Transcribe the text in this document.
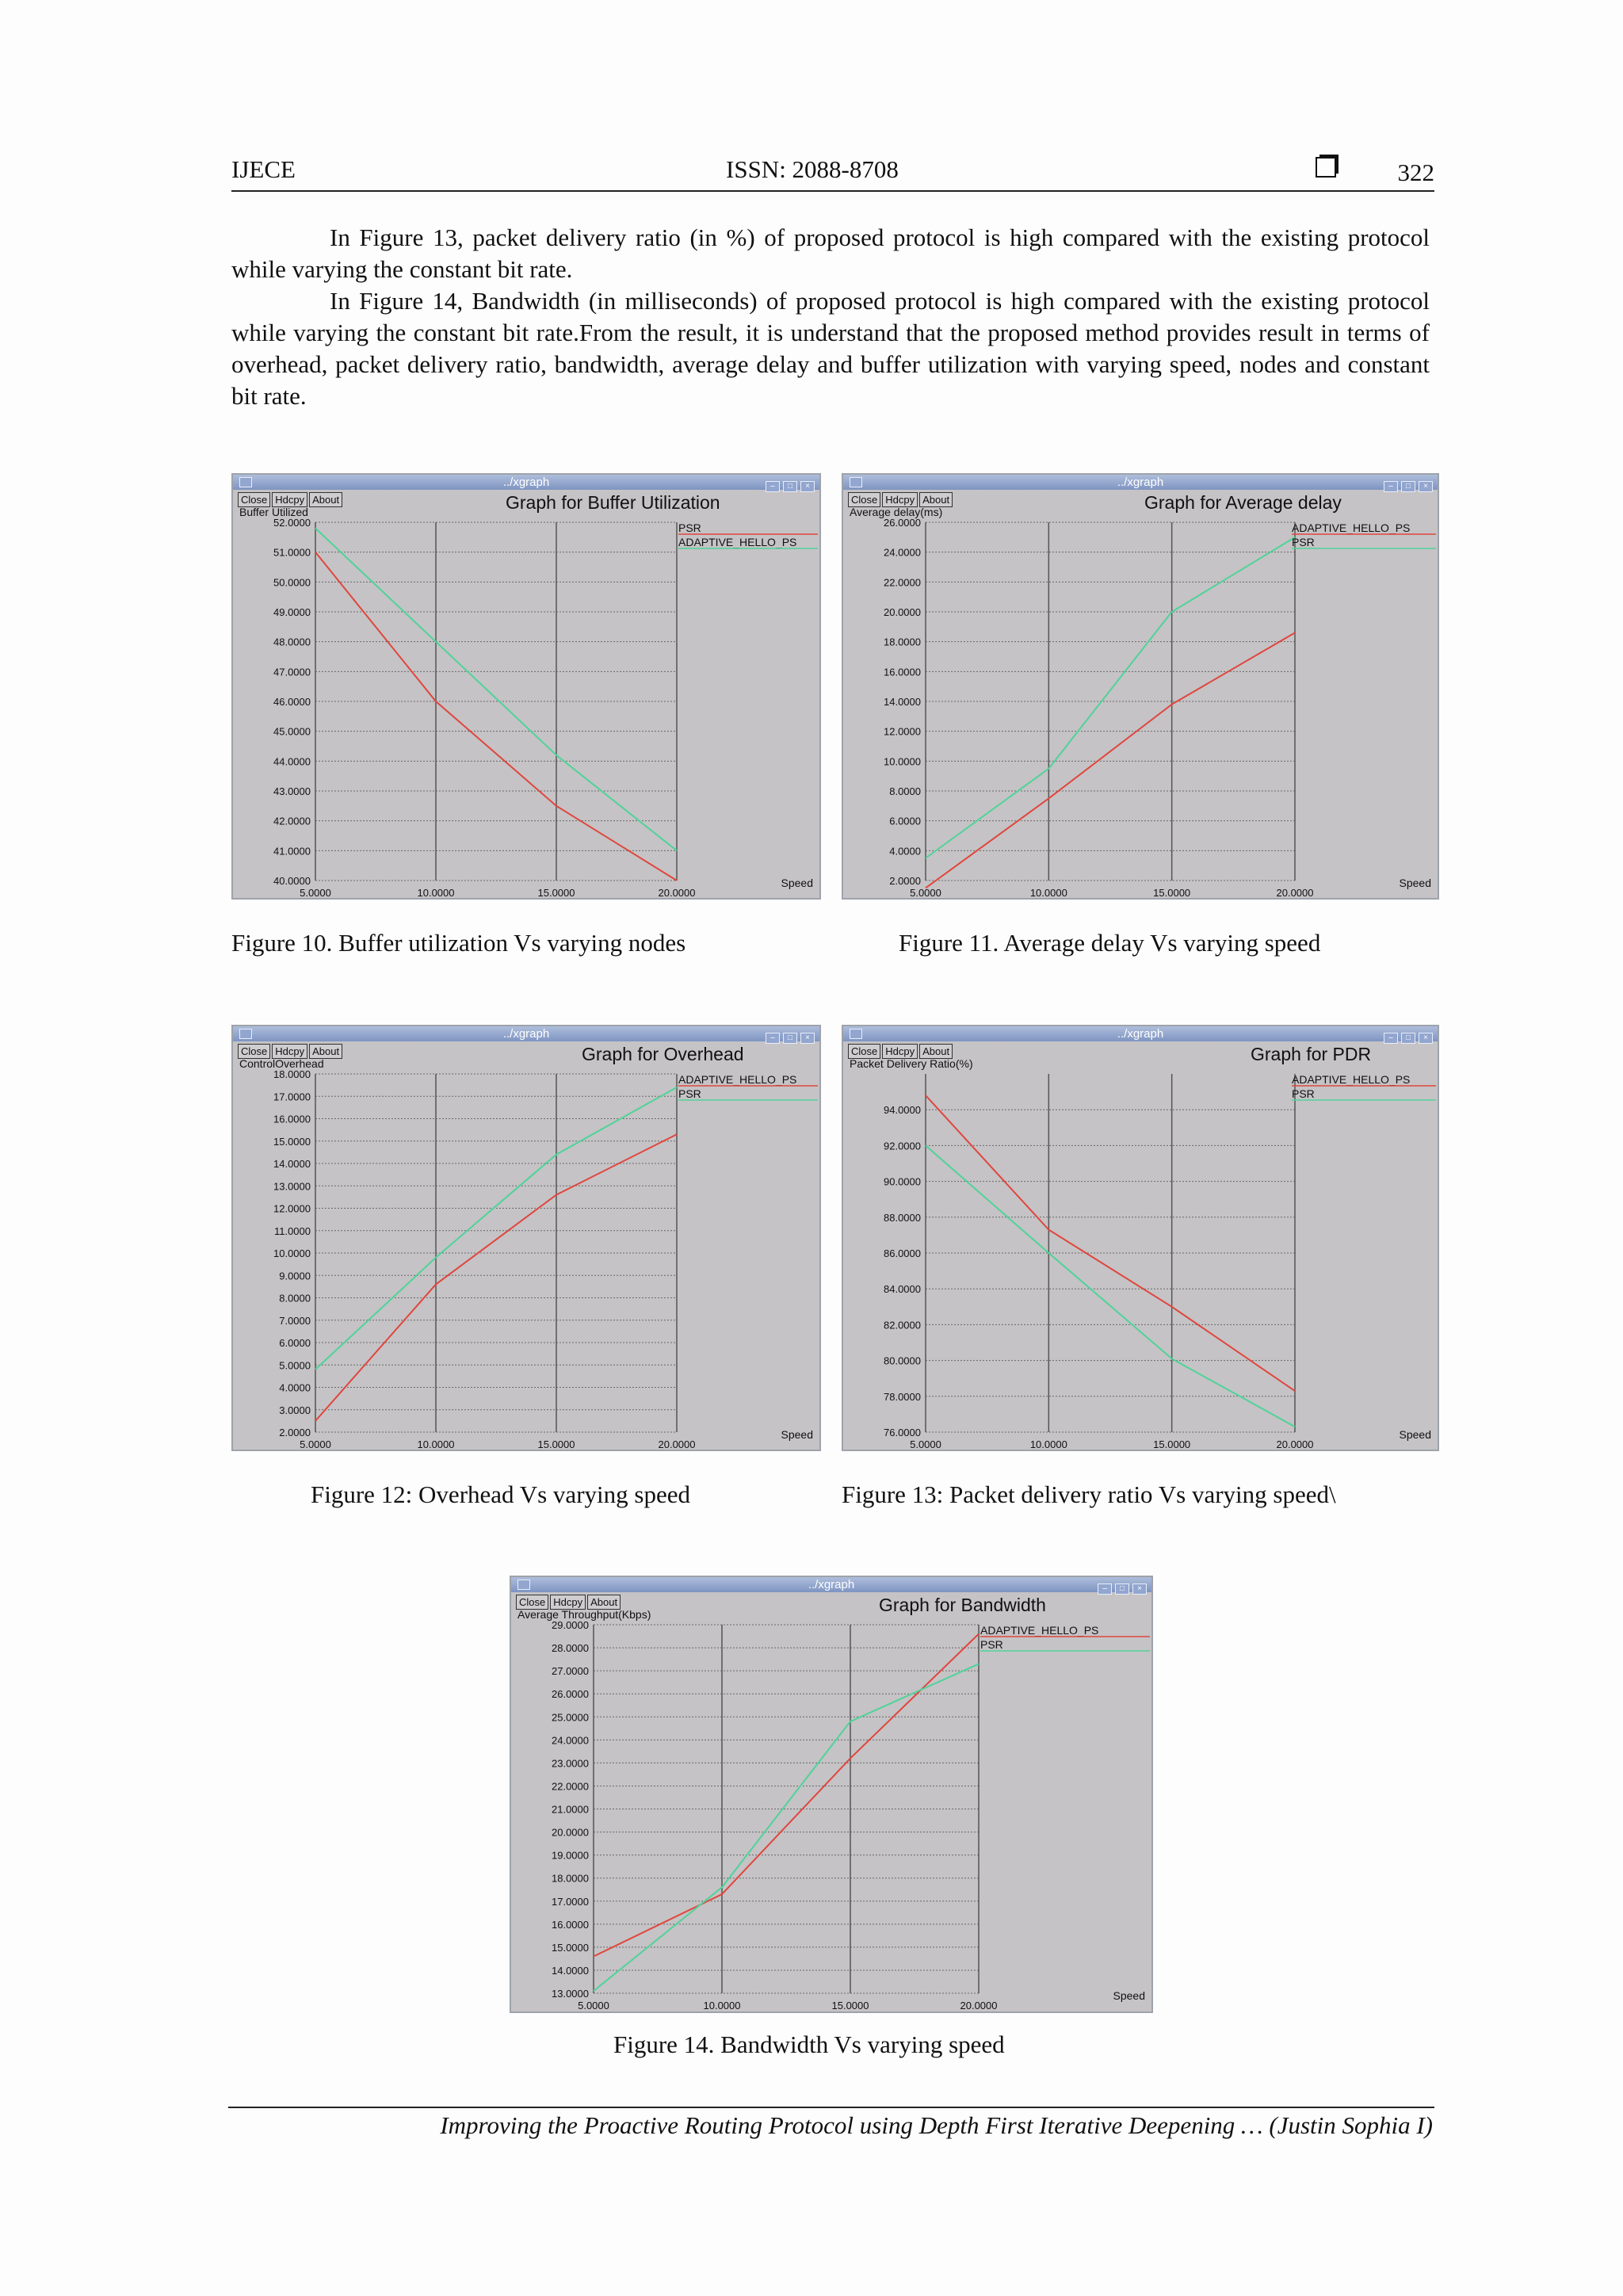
IJECE	ISSN: 2088-8708	322

In Figure 13, packet delivery ratio (in %) of proposed protocol is high compared with the existing protocol while varying the constant bit rate.

In Figure 14, Bandwidth (in milliseconds) of proposed protocol is high compared with the existing protocol while varying the constant bit rate.From the result, it is understand that the proposed method provides result in terms of overhead, packet delivery ratio, bandwidth, average delay and buffer utilization with varying speed, nodes and constant bit rate.

../xgraph	– □ ×
Close Hdcpy About	Graph for Buffer Utilization
Buffer Utilized
52.0000
51.0000
50.0000
49.0000
48.0000
47.0000
46.0000
45.0000
44.0000
43.0000
42.0000
41.0000
40.0000
5.0000	10.0000	15.0000	20.0000
Speed
PSR
ADAPTIVE_HELLO_PS
../xgraph	– □ ×
Close Hdcpy About	Graph for Average delay
Average delay(ms)
26.0000
24.0000
22.0000
20.0000
18.0000
16.0000
14.0000
12.0000
10.0000
8.0000
6.0000
4.0000
2.0000
5.0000	10.0000	15.0000	20.0000
Speed
ADAPTIVE_HELLO_PS
PSR
../xgraph	– □ ×
Close Hdcpy About	Graph for Overhead
ControlOverhead
18.0000
17.0000
16.0000
15.0000
14.0000
13.0000
12.0000
11.0000
10.0000
9.0000
8.0000
7.0000
6.0000
5.0000
4.0000
3.0000
2.0000
5.0000	10.0000	15.0000	20.0000
Speed
ADAPTIVE_HELLO_PS
PSR
../xgraph	– □ ×
Close Hdcpy About	Graph for PDR
Packet Delivery Ratio(%)
94.0000
92.0000
90.0000
88.0000
86.0000
84.0000
82.0000
80.0000
78.0000
76.0000
5.0000	10.0000	15.0000	20.0000
Speed
ADAPTIVE_HELLO_PS
PSR
../xgraph	– □ ×
Close Hdcpy About	Graph for Bandwidth
Average Throughput(Kbps)
29.0000
28.0000
27.0000
26.0000
25.0000
24.0000
23.0000
22.0000
21.0000
20.0000
19.0000
18.0000
17.0000
16.0000
15.0000
14.0000
13.0000
5.0000	10.0000	15.0000	20.0000
Speed
ADAPTIVE_HELLO_PS
PSR
Figure 10. Buffer utilization Vs varying nodes	Figure 11. Average delay Vs varying speed
Figure 12: Overhead Vs varying speed	Figure 13: Packet delivery ratio Vs varying speed\
Figure 14. Bandwidth Vs varying speed
Improving the Proactive Routing Protocol using Depth First Iterative Deepening … (Justin Sophia I)
